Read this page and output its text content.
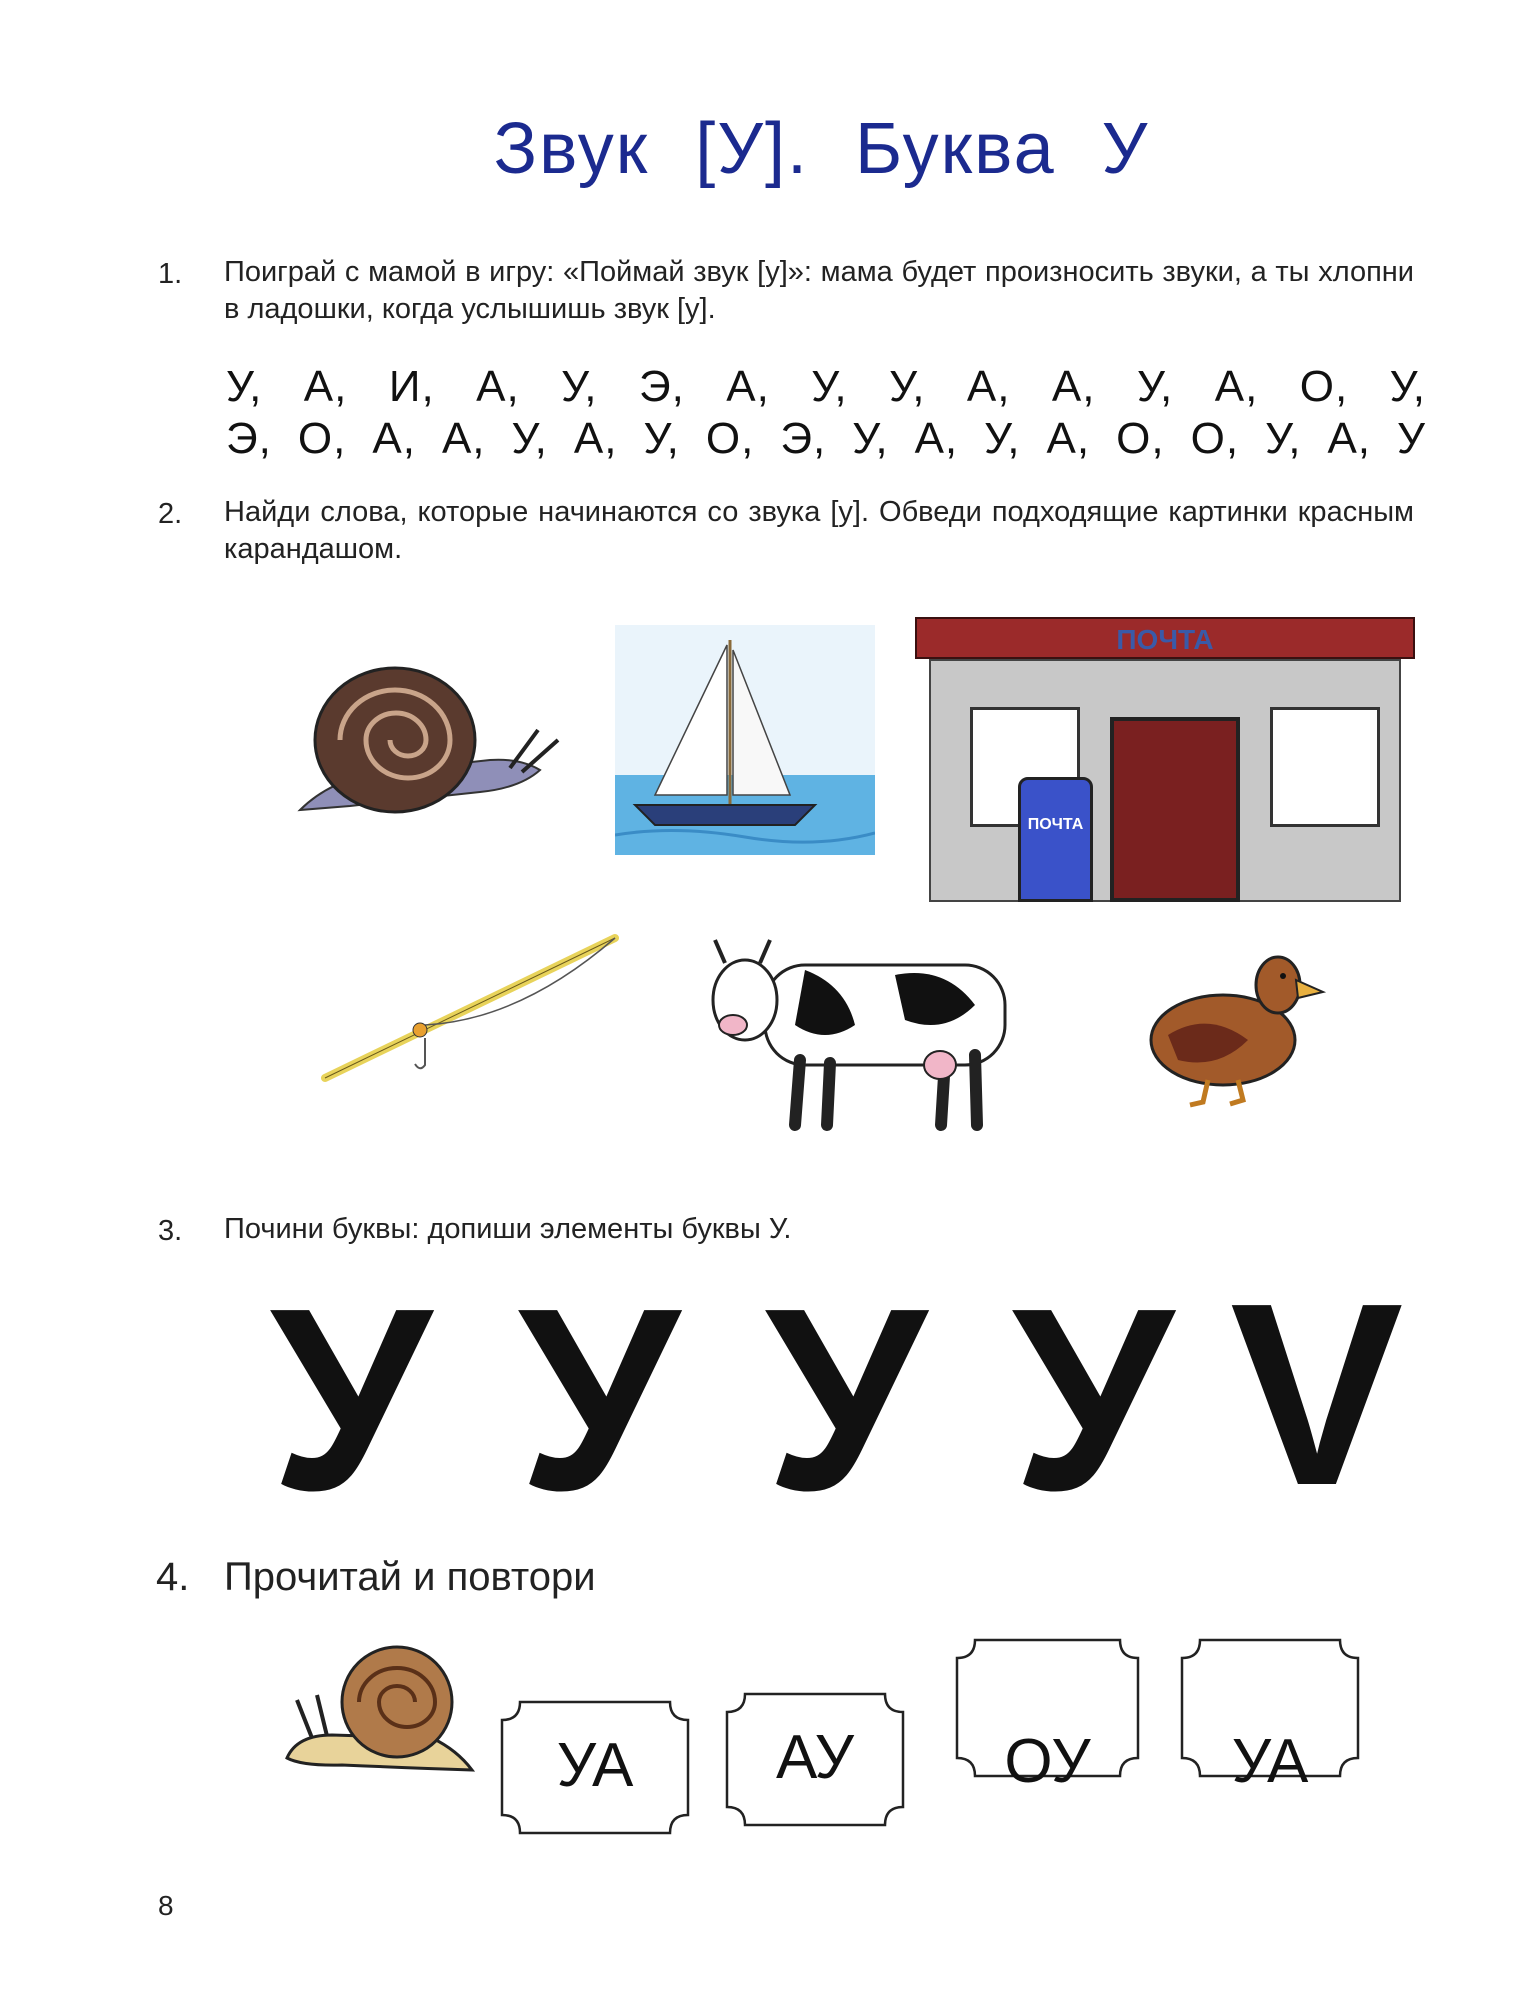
Звук [У]. Буква У
1. Поиграй с мамой в игру: «Поймай звук [у]»: мама будет произносить звуки, а ты хлопни в ладошки, когда услышишь звук [у].
У, А, И, А, У, Э, А, У, У, А, А, У, А, О, У,
Э, О, А, А, У, А, У, О, Э, У, А, У, А, О, О, У, А, У
2. Найди слова, которые начинаются со звука [у]. Обведи подходящие картинки красным карандашом.
ПОЧТА
ПОЧТА
3. Почини буквы: допиши элементы буквы У.
У У У У V
4. Прочитай и повтори
УА	АУ	ОУ	УА
8
